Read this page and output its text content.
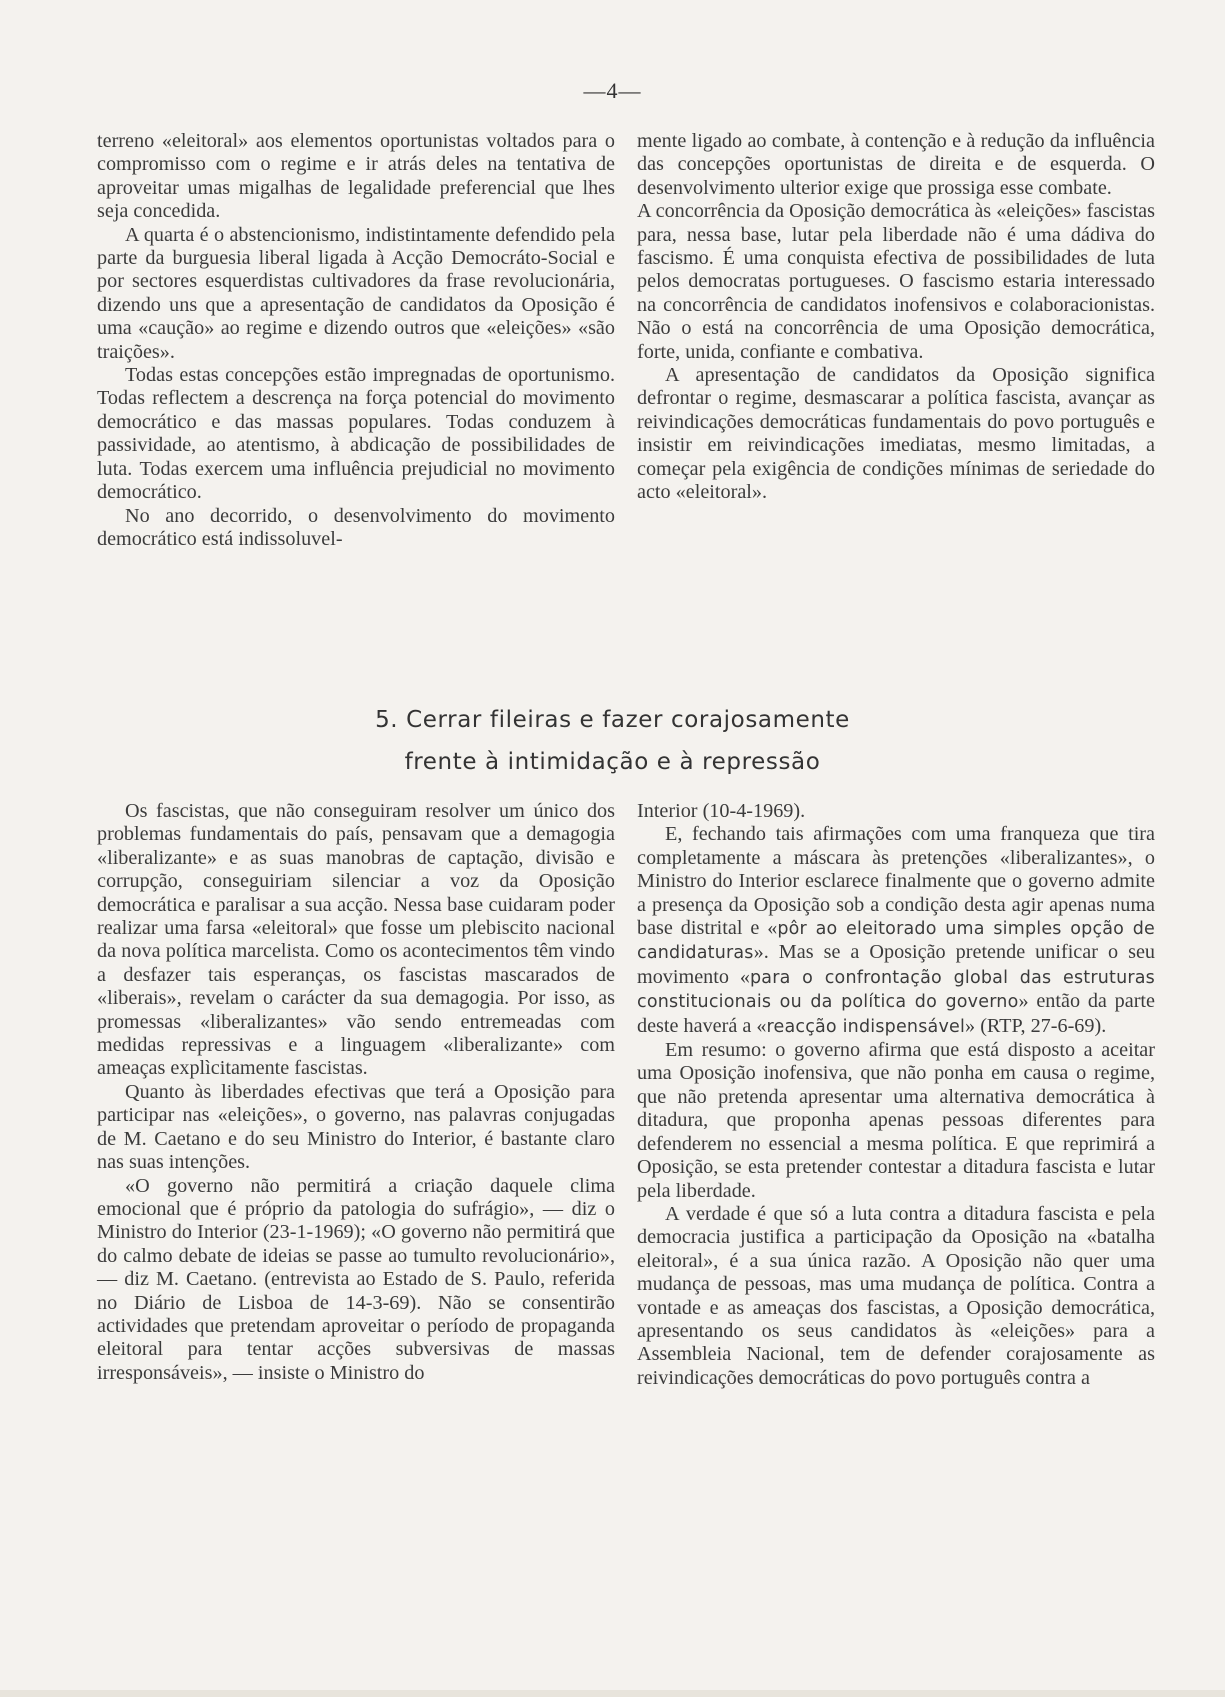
—4—

terreno «eleitoral» aos elementos oportunistas voltados para o compromisso com o regime e ir atrás deles na tentativa de aproveitar umas migalhas de legalidade preferencial que lhes seja concedida.

A quarta é o abstencionismo, indistintamente defendido pela parte da burguesia liberal ligada à Acção Democráto-Social e por sectores esquerdistas cultivadores da frase revolucionária, dizendo uns que a apresentação de candidatos da Oposição é uma «caução» ao regime e dizendo outros que «eleições» «são traições».

Todas estas concepções estão impregnadas de oportunismo. Todas reflectem a descrença na força potencial do movimento democrático e das massas populares. Todas conduzem à passividade, ao atentismo, à abdicação de possibilidades de luta. Todas exercem uma influência prejudicial no movimento democrático.

No ano decorrido, o desenvolvimento do movimento democrático está indissoluvel-

mente ligado ao combate, à contenção e à redução da influência das concepções oportunistas de direita e de esquerda. O desenvolvimento ulterior exige que prossiga esse combate.

A concorrência da Oposição democrática às «eleições» fascistas para, nessa base, lutar pela liberdade não é uma dádiva do fascismo. É uma conquista efectiva de possibilidades de luta pelos democratas portugueses. O fascismo estaria interessado na concorrência de candidatos inofensivos e colaboracionistas. Não o está na concorrência de uma Oposição democrática, forte, unida, confiante e combativa.

A apresentação de candidatos da Oposição significa defrontar o regime, desmascarar a política fascista, avançar as reivindicações democráticas fundamentais do povo português e insistir em reivindicações imediatas, mesmo limitadas, a começar pela exigência de condições mínimas de seriedade do acto «eleitoral».

5. Cerrar fileiras e fazer corajosamente
frente à intimidação e à repressão

Os fascistas, que não conseguiram resolver um único dos problemas fundamentais do país, pensavam que a demagogia «liberalizante» e as suas manobras de captação, divisão e corrupção, conseguiriam silenciar a voz da Oposição democrática e paralisar a sua acção. Nessa base cuidaram poder realizar uma farsa «eleitoral» que fosse um plebiscito nacional da nova política marcelista. Como os acontecimentos têm vindo a desfazer tais esperanças, os fascistas mascarados de «liberais», revelam o carácter da sua demagogia. Por isso, as promessas «liberalizantes» vão sendo entremeadas com medidas repressivas e a linguagem «liberalizante» com ameaças explìcitamente fascistas.

Quanto às liberdades efectivas que terá a Oposição para participar nas «eleições», o governo, nas palavras conjugadas de M. Caetano e do seu Ministro do Interior, é bastante claro nas suas intenções.

«O governo não permitirá a criação daquele clima emocional que é próprio da patologia do sufrágio», — diz o Ministro do Interior (23-1-1969); «O governo não permitirá que do calmo debate de ideias se passe ao tumulto revolucionário», — diz M. Caetano. (entrevista ao Estado de S. Paulo, referida no Diário de Lisboa de 14-3-69). Não se consentirão actividades que pretendam aproveitar o período de propaganda eleitoral para tentar acções subversivas de massas irresponsáveis», — insiste o Ministro do

Interior (10-4-1969).

E, fechando tais afirmações com uma franqueza que tira completamente a máscara às pretenções «liberalizantes», o Ministro do Interior esclarece finalmente que o governo admite a presença da Oposição sob a condição desta agir apenas numa base distrital e «pôr ao eleitorado uma simples opção de candidaturas». Mas se a Oposição pretende unificar o seu movimento «para o confrontação global das estruturas constitucionais ou da política do governo» então da parte deste haverá a «reacção indispensável» (RTP, 27-6-69).

Em resumo: o governo afirma que está disposto a aceitar uma Oposição inofensiva, que não ponha em causa o regime, que não pretenda apresentar uma alternativa democrática à ditadura, que proponha apenas pessoas diferentes para defenderem no essencial a mesma política. E que reprimirá a Oposição, se esta pretender contestar a ditadura fascista e lutar pela liberdade.

A verdade é que só a luta contra a ditadura fascista e pela democracia justifica a participação da Oposição na «batalha eleitoral», é a sua única razão. A Oposição não quer uma mudança de pessoas, mas uma mudança de política. Contra a vontade e as ameaças dos fascistas, a Oposição democrática, apresentando os seus candidatos às «eleições» para a Assembleia Nacional, tem de defender corajosamente as reivindicações democráticas do povo português contra a
